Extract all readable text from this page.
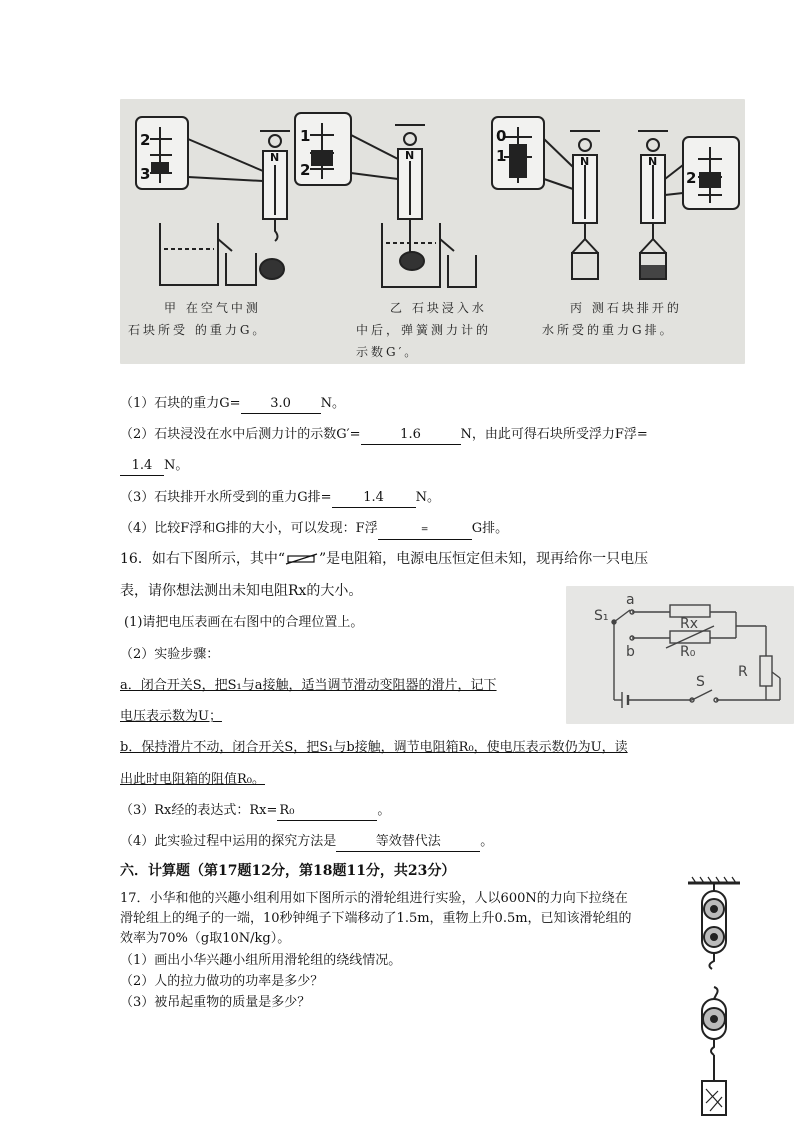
2
3
1
2
0
1
2
N	N	N	N
甲 在空气中测
石块所受 的重力G。
乙 石块浸入水
中后，弹簧测力计的
示数G′。
丙 测石块排开的
水所受的重力G排。
（1）石块的重力G= 3.0 N。
（2）石块浸没在水中后测力计的示数G′=	1.6	N，由此可得石块所受浮力F浮=
1.4 N。
（3）石块排开水所受到的重力G排= 1.4 N。
（4）比较F浮和G排的大小，可以发现：F浮	=	G排。
16．如右下图所示，其中“ ”是电阻箱，电源电压恒定但未知，现再给你一只电压
表，请你想法测出未知电阻Rx的大小。
(1)请把电压表画在右图中的合理位置上。
（2）实验步骤：
a．闭合开关S，把S₁与a接触，适当调节滑动变阻器的滑片，记下
电压表示数为U；
b．保持滑片不动，闭合开关S，把S₁与b接触，调节电阻箱R₀，使电压表示数仍为U，读
出此时电阻箱的阻值R₀。
（3）Rx经的表达式：Rx= R₀	。
（4）此实验过程中运用的探究方法是	等效替代法	。
a
b
S₁	Rx
R₀
R
S
六．计算题（第17题12分，第18题11分，共23分）
17．小华和他的兴趣小组利用如下图所示的滑轮组进行实验，人以600N的力向下拉绕在
滑轮组上的绳子的一端，10秒钟绳子下端移动了1.5m，重物上升0.5m，已知该滑轮组的
效率为70%（g取10N/kg）。
（1）画出小华兴趣小组所用滑轮组的绕线情况。
（2）人的拉力做功的功率是多少？
（3）被吊起重物的质量是多少？
